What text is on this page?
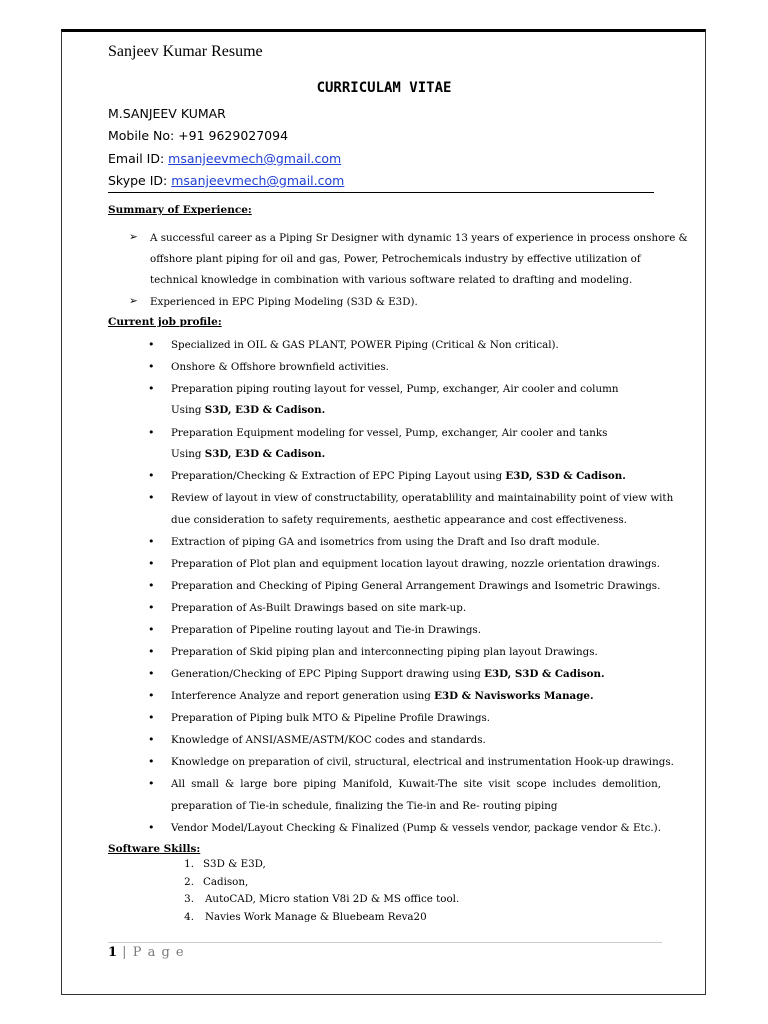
Sanjeev Kumar Resume
CURRICULAM VITAE
M.SANJEEV KUMAR
Mobile No: +91 9629027094
Email ID: msanjeevmech@gmail.com
Skype ID: msanjeevmech@gmail.com
Summary of Experience:
➢ A successful career as a Piping Sr Designer with dynamic 13 years of experience in process onshore &
offshore plant piping for oil and gas, Power, Petrochemicals industry by effective utilization of
technical knowledge in combination with various software related to drafting and modeling.
➢ Experienced in EPC Piping Modeling (S3D & E3D).
Current job profile:
• Specialized in OIL & GAS PLANT, POWER Piping (Critical & Non critical).
• Onshore & Offshore brownfield activities.
• Preparation piping routing layout for vessel, Pump, exchanger, Air cooler and column
Using S3D, E3D & Cadison.
• Preparation Equipment modeling for vessel, Pump, exchanger, Air cooler and tanks
Using S3D, E3D & Cadison.
• Preparation/Checking & Extraction of EPC Piping Layout using E3D, S3D & Cadison.
• Review of layout in view of constructability, operatablility and maintainability point of view with
due consideration to safety requirements, aesthetic appearance and cost effectiveness.
• Extraction of piping GA and isometrics from using the Draft and Iso draft module.
• Preparation of Plot plan and equipment location layout drawing, nozzle orientation drawings.
• Preparation and Checking of Piping General Arrangement Drawings and Isometric Drawings.
• Preparation of As-Built Drawings based on site mark-up.
• Preparation of Pipeline routing layout and Tie-in Drawings.
• Preparation of Skid piping plan and interconnecting piping plan layout Drawings.
• Generation/Checking of EPC Piping Support drawing using E3D, S3D & Cadison.
• Interference Analyze and report generation using E3D & Navisworks Manage.
• Preparation of Piping bulk MTO & Pipeline Profile Drawings.
• Knowledge of ANSI/ASME/ASTM/KOC codes and standards.
• Knowledge on preparation of civil, structural, electrical and instrumentation Hook-up drawings.
• All small & large bore piping Manifold, Kuwait-The site visit scope includes demolition,
preparation of Tie-in schedule, finalizing the Tie-in and Re- routing piping
• Vendor Model/Layout Checking & Finalized (Pump & vessels vendor, package vendor & Etc.).
Software Skills:
1. S3D & E3D,
2. Cadison,
3. AutoCAD, Micro station V8i 2D & MS office tool.
4. Navies Work Manage & Bluebeam Reva20
1 | P a g e
